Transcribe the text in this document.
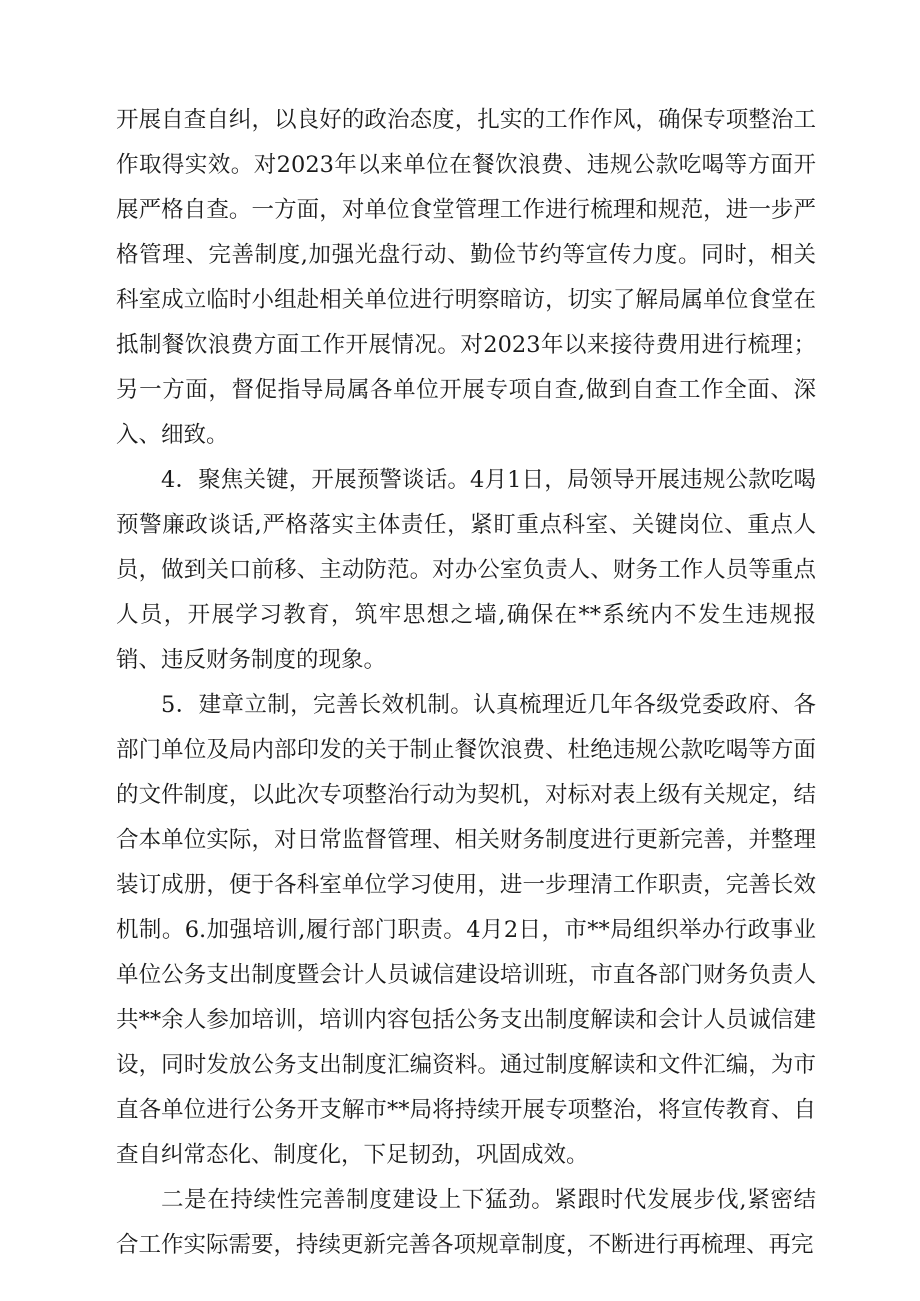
开展自查自纠，以良好的政治态度，扎实的工作作风，确保专项整治工作取得实效。对2023年以来单位在餐饮浪费、违规公款吃喝等方面开展严格自查。一方面，对单位食堂管理工作进行梳理和规范，进一步严格管理、完善制度,加强光盘行动、勤俭节约等宣传力度。同时，相关科室成立临时小组赴相关单位进行明察暗访，切实了解局属单位食堂在抵制餐饮浪费方面工作开展情况。对2023年以来接待费用进行梳理；另一方面，督促指导局属各单位开展专项自查,做到自查工作全面、深入、细致。

4．聚焦关键，开展预警谈话。4月1日，局领导开展违规公款吃喝预警廉政谈话,严格落实主体责任，紧盯重点科室、关键岗位、重点人员，做到关口前移、主动防范。对办公室负责人、财务工作人员等重点人员，开展学习教育，筑牢思想之墙,确保在**系统内不发生违规报销、违反财务制度的现象。

5．建章立制，完善长效机制。认真梳理近几年各级党委政府、各部门单位及局内部印发的关于制止餐饮浪费、杜绝违规公款吃喝等方面的文件制度，以此次专项整治行动为契机，对标对表上级有关规定，结合本单位实际，对日常监督管理、相关财务制度进行更新完善，并整理装订成册，便于各科室单位学习使用，进一步理清工作职责，完善长效机制。6.加强培训,履行部门职责。4月2日，市**局组织举办行政事业单位公务支出制度暨会计人员诚信建设培训班，市直各部门财务负责人共**余人参加培训，培训内容包括公务支出制度解读和会计人员诚信建设，同时发放公务支出制度汇编资料。通过制度解读和文件汇编，为市直各单位进行公务开支解市**局将持续开展专项整治，将宣传教育、自查自纠常态化、制度化，下足韧劲，巩固成效。

二是在持续性完善制度建设上下猛劲。紧跟时代发展步伐,紧密结合工作实际需要，持续更新完善各项规章制度，不断进行再梳理、再完
